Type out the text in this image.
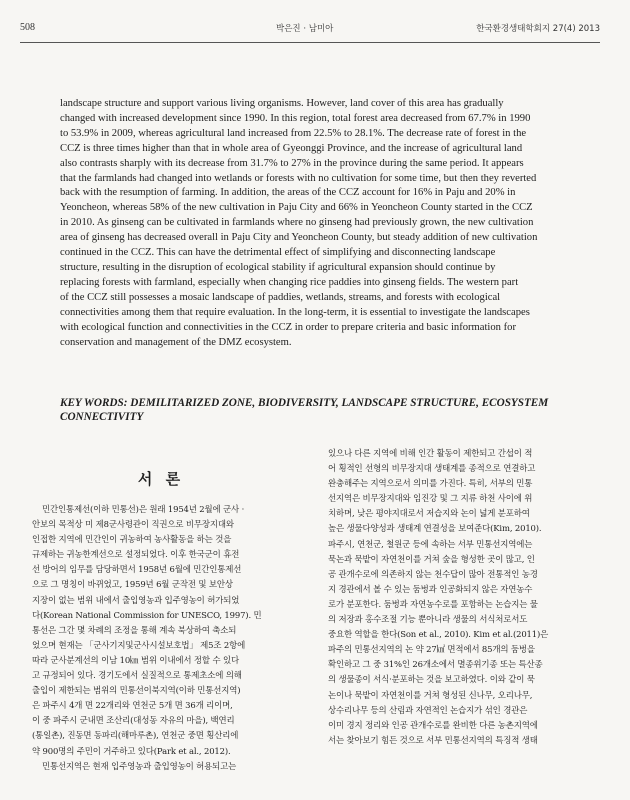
508	박은진 · 남미아	한국환경생태학회지 27(4) 2013
landscape structure and support various living organisms. However, land cover of this area has gradually
changed with increased development since 1990. In this region, total forest area decreased from 67.7% in 1990
to 53.9% in 2009, whereas agricultural land increased from 22.5% to 28.1%. The decrease rate of forest in the
CCZ is three times higher than that in whole area of Gyeonggi Province, and the increase of agricultural land
also contrasts sharply with its decrease from 31.7% to 27% in the province during the same period. It appears
that the farmlands had changed into wetlands or forests with no cultivation for some time, but then they reverted
back with the resumption of farming. In addition, the areas of the CCZ account for 16% in Paju and 20% in
Yeoncheon, whereas 58% of the new cultivation in Paju City and 66% in Yeoncheon County started in the CCZ
in 2010. As ginseng can be cultivated in farmlands where no ginseng had previously grown, the new cultivation
area of ginseng has decreased overall in Paju City and Yeoncheon County, but steady addition of new cultivation
continued in the CCZ. This can have the detrimental effect of simplifying and disconnecting landscape
structure, resulting in the disruption of ecological stability if agricultural expansion should continue by
replacing forests with farmland, especially when changing rice paddies into ginseng fields. The western part
of the CCZ still possesses a mosaic landscape of paddies, wetlands, streams, and forests with ecological
connectivities among them that require evaluation. In the long-term, it is essential to investigate the landscapes
with ecological function and connectivities in the CCZ in order to prepare criteria and basic information for
conservation and management of the DMZ ecosystem.
KEY WORDS: DEMILITARIZED ZONE, BIODIVERSITY, LANDSCAPE STRUCTURE, ECOSYSTEM
CONNECTIVITY
서 론
민간인통제선(이하 민통선)은 원래 1954년 2월에 군사 ·
안보의 목적상 미 제8군사령관이 직권으로 비무장지대와
인접한 지역에 민간인이 귀농하여 농사활동을 하는 것을
규제하는 귀농한계선으로 설정되었다. 이후 한국군이 휴전
선 방어의 임무를 담당하면서 1958년 6월에 민간인통제선
으로 그 명칭이 바뀌었고, 1959년 6월 군작전 및 보안상
지장이 없는 범위 내에서 출입영농과 입주영농이 허가되었
다(Korean National Commission for UNESCO, 1997). 민
통선은 그간 몇 차례의 조정을 통해 계속 북상하여 축소되
었으며 현재는 「군사기지및군사시설보호법」 제5조 2항에
따라 군사분계선의 이남 10㎞ 범위 이내에서 정할 수 있다
고 규정되어 있다. 경기도에서 실질적으로 통제초소에 의해
출입이 제한되는 범위의 민통선이북지역(이하 민통선지역)
은 파주시 4개 면 22개리와 연천군 5개 면 36개 리이며,
이 중 파주시 군내면 조산리(대성동 자유의 마을), 백연리
(통일촌), 진동면 동파리(해마루촌), 연천군 중면 횡산리에
약 900명의 주민이 거주하고 있다(Park et al., 2012).
민통선지역은 현재 입주영농과 출입영농이 허용되고는
있으나 다른 지역에 비해 인간 활동이 제한되고 간섭이 적
어 횡적인 선형의 비무장지대 생태계를 종적으로 연결하고
완충해주는 지역으로서 의미를 가진다. 특히, 서부의 민통
선지역은 비무장지대와 임진강 및 그 지류 하천 사이에 위
치하며, 낮은 평야지대로서 저습지와 논이 넓게 분포하여
높은 생물다양성과 생태계 연결성을 보여준다(Kim, 2010).
파주시, 연천군, 철원군 등에 속하는 서부 민통선지역에는
묵논과 묵밭이 자연천이를 거쳐 숲을 형성한 곳이 많고, 인
공 관개수로에 의존하지 않는 천수답이 많아 전통적인 농경
지 경관에서 볼 수 있는 둠벙과 인공화되지 않은 자연농수
로가 분포한다. 둠벙과 자연농수로를 포함하는 논습지는 물
의 저장과 홍수조절 기능 뿐아니라 생물의 서식처로서도
중요한 역할을 한다(Son et al., 2010). Kim et al.(2011)은
파주의 민통선지역의 논 약 27㎢ 면적에서 85개의 둠벙을
확인하고 그 중 31%인 26개소에서 멸종위기종 또는 특산종
의 생물종이 서식·분포하는 것을 보고하였다. 이와 같이 묵
논이나 묵밭이 자연천이를 거쳐 형성된 신나무, 오리나무,
상수리나무 등의 산림과 자연적인 논습지가 섞인 경관은
이미 경지 정리와 인공 관개수로를 완비한 다른 농촌지역에
서는 찾아보기 힘든 것으로 서부 민통선지역의 특징적 생태
